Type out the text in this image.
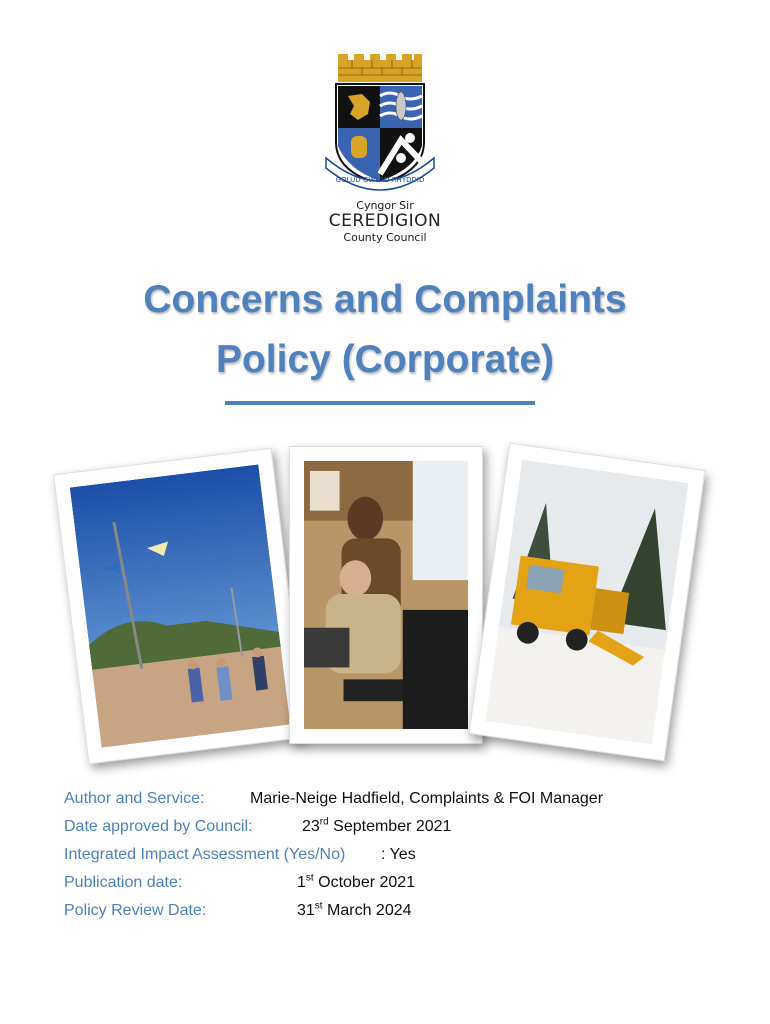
GOLUD GWLAD RHYDDID
Cyngor Sir
CEREDIGION
County Council
Concerns and Complaints
Policy (Corporate)
Author and Service:	Marie-Neige Hadfield, Complaints & FOI Manager
Date approved by Council:	23rd September 2021
Integrated Impact Assessment (Yes/No) : Yes
Publication date:	1st October 2021
Policy Review Date:	31st March 2024
